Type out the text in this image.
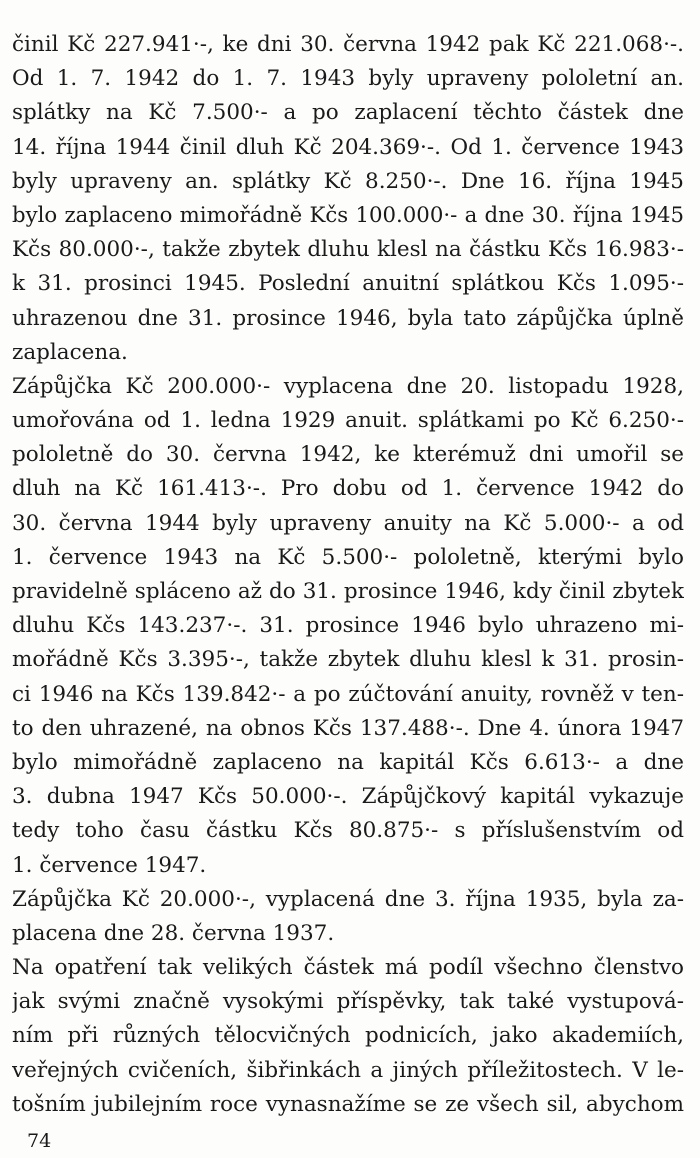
činil Kč 227.941·-, ke dni 30. června 1942 pak Kč 221.068·-.
Od 1. 7. 1942 do 1. 7. 1943 byly upraveny pololetní an.
splátky na Kč 7.500·- a po zaplacení těchto částek dne
14. října 1944 činil dluh Kč 204.369·-. Od 1. července 1943
byly upraveny an. splátky Kč 8.250·-. Dne 16. října 1945
bylo zaplaceno mimořádně Kčs 100.000·- a dne 30. října 1945
Kčs 80.000·-, takže zbytek dluhu klesl na částku Kčs 16.983·-
k 31. prosinci 1945. Poslední anuitní splátkou Kčs 1.095·-
uhrazenou dne 31. prosince 1946, byla tato zápůjčka úplně
zaplacena.
Zápůjčka Kč 200.000·- vyplacena dne 20. listopadu 1928,
umořována od 1. ledna 1929 anuit. splátkami po Kč 6.250·-
pololetně do 30. června 1942, ke kterémuž dni umořil se
dluh na Kč 161.413·-. Pro dobu od 1. července 1942 do
30. června 1944 byly upraveny anuity na Kč 5.000·- a od
1. července 1943 na Kč 5.500·- pololetně, kterými bylo
pravidelně spláceno až do 31. prosince 1946, kdy činil zbytek
dluhu Kčs 143.237·-. 31. prosince 1946 bylo uhrazeno mi-
mořádně Kčs 3.395·-, takže zbytek dluhu klesl k 31. prosin-
ci 1946 na Kčs 139.842·- a po zúčtování anuity, rovněž v ten-
to den uhrazené, na obnos Kčs 137.488·-. Dne 4. února 1947
bylo mimořádně zaplaceno na kapitál Kčs 6.613·- a dne
3. dubna 1947 Kčs 50.000·-. Zápůjčkový kapitál vykazuje
tedy toho času částku Kčs 80.875·- s příslušenstvím od
1. července 1947.
Zápůjčka Kč 20.000·-, vyplacená dne 3. října 1935, byla za-
placena dne 28. června 1937.
Na opatření tak velikých částek má podíl všechno členstvo
jak svými značně vysokými příspěvky, tak také vystupová-
ním při různých tělocvičných podnicích, jako akademiích,
veřejných cvičeních, šibřinkách a jiných příležitostech. V le-
tošním jubilejním roce vynasnažíme se ze všech sil, abychom
74
